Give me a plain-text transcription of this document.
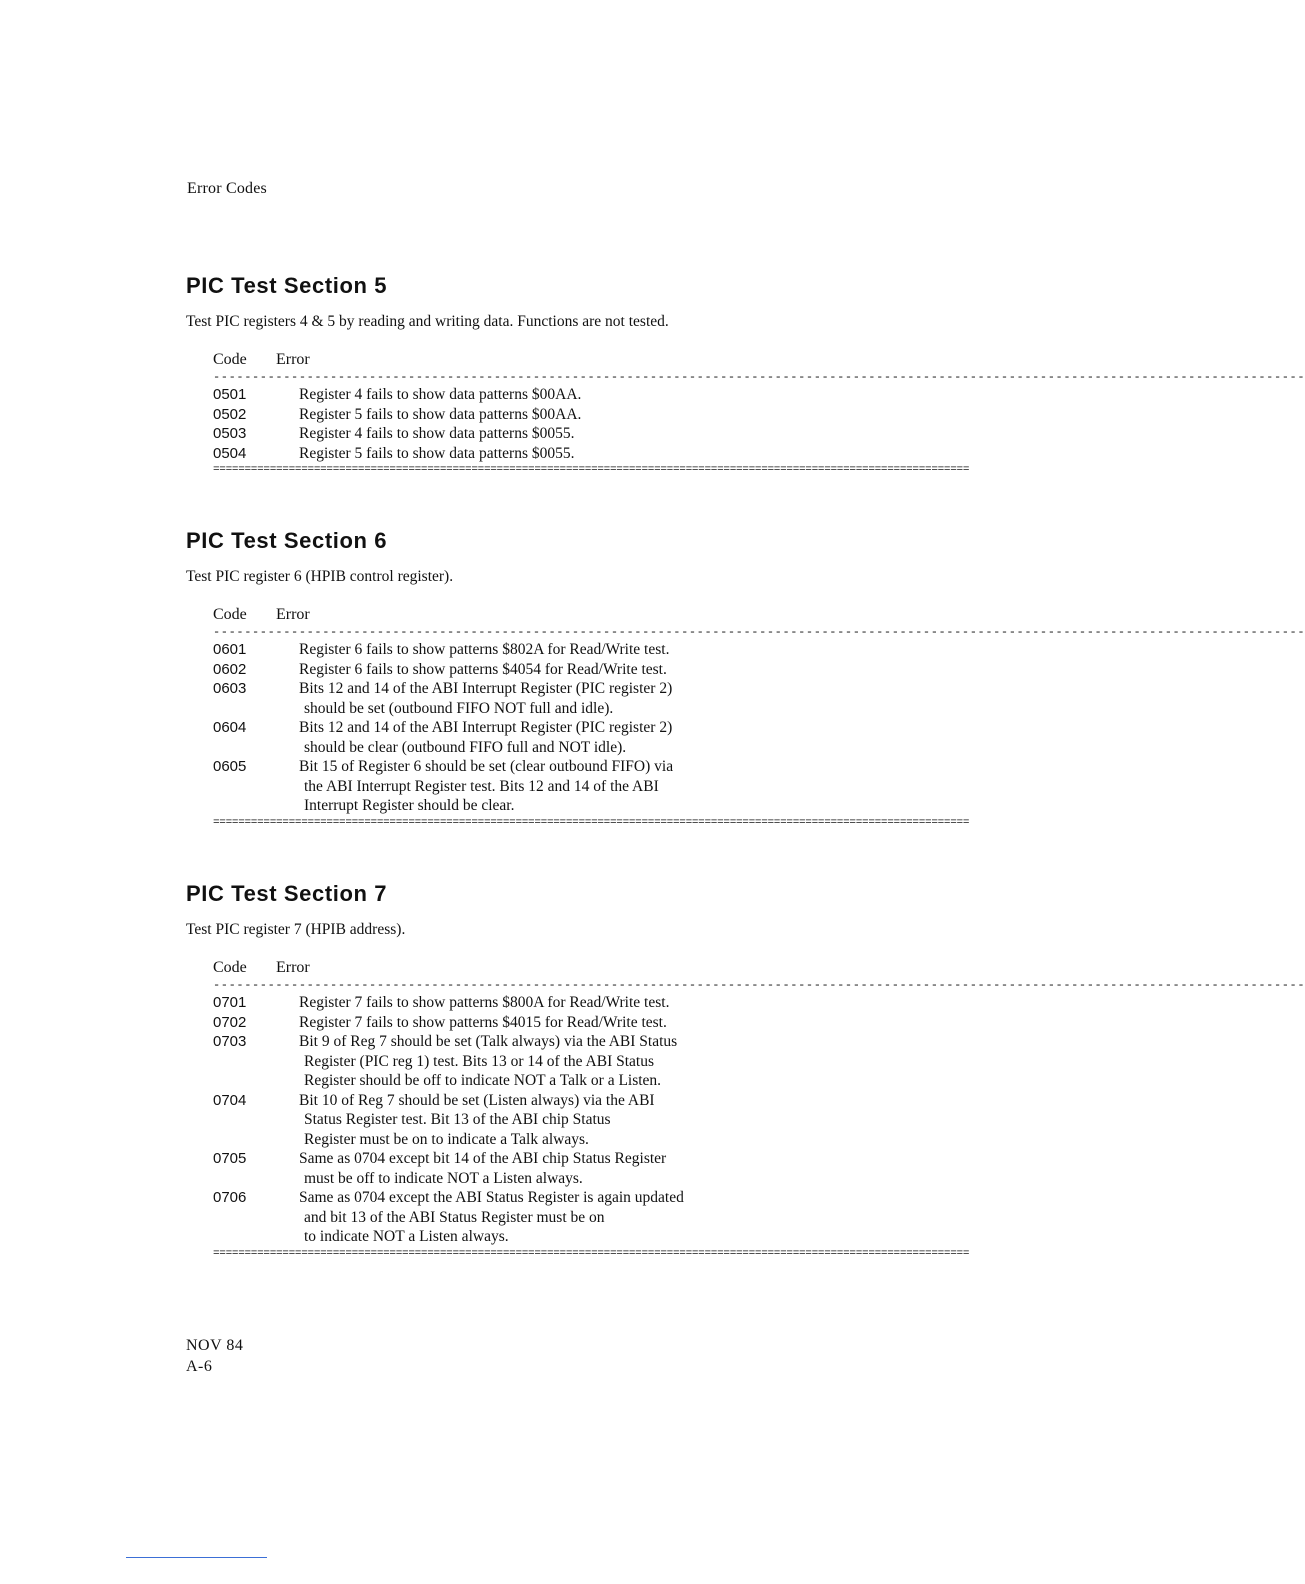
Error Codes
PIC Test Section 5
Test PIC registers 4 & 5 by reading and writing data. Functions are not tested.
Code	Error
--------------------------------------------------------------------------------------------------------------------------------------------
0501	Register 4 fails to show data patterns $00AA.
0502	Register 5 fails to show data patterns $00AA.
0503	Register 4 fails to show data patterns $0055.
0504	Register 5 fails to show data patterns $0055.
========================================================================================================================
PIC Test Section 6
Test PIC register 6 (HPIB control register).
Code	Error
--------------------------------------------------------------------------------------------------------------------------------------------
0601	Register 6 fails to show patterns $802A for Read/Write test.
0602	Register 6 fails to show patterns $4054 for Read/Write test.
0603	Bits 12 and 14 of the ABI Interrupt Register (PIC register 2)
should be set (outbound FIFO NOT full and idle).
0604	Bits 12 and 14 of the ABI Interrupt Register (PIC register 2)
should be clear (outbound FIFO full and NOT idle).
0605	Bit 15 of Register 6 should be set (clear outbound FIFO) via
the ABI Interrupt Register test. Bits 12 and 14 of the ABI
Interrupt Register should be clear.
========================================================================================================================
PIC Test Section 7
Test PIC register 7 (HPIB address).
Code	Error
--------------------------------------------------------------------------------------------------------------------------------------------
0701	Register 7 fails to show patterns $800A for Read/Write test.
0702	Register 7 fails to show patterns $4015 for Read/Write test.
0703	Bit 9 of Reg 7 should be set (Talk always) via the ABI Status
Register (PIC reg 1) test. Bits 13 or 14 of the ABI Status
Register should be off to indicate NOT a Talk or a Listen.
0704	Bit 10 of Reg 7 should be set (Listen always) via the ABI
Status Register test. Bit 13 of the ABI chip Status
Register must be on to indicate a Talk always.
0705	Same as 0704 except bit 14 of the ABI chip Status Register
must be off to indicate NOT a Listen always.
0706	Same as 0704 except the ABI Status Register is again updated
and bit 13 of the ABI Status Register must be on
to indicate NOT a Listen always.
========================================================================================================================
NOV 84
A-6
